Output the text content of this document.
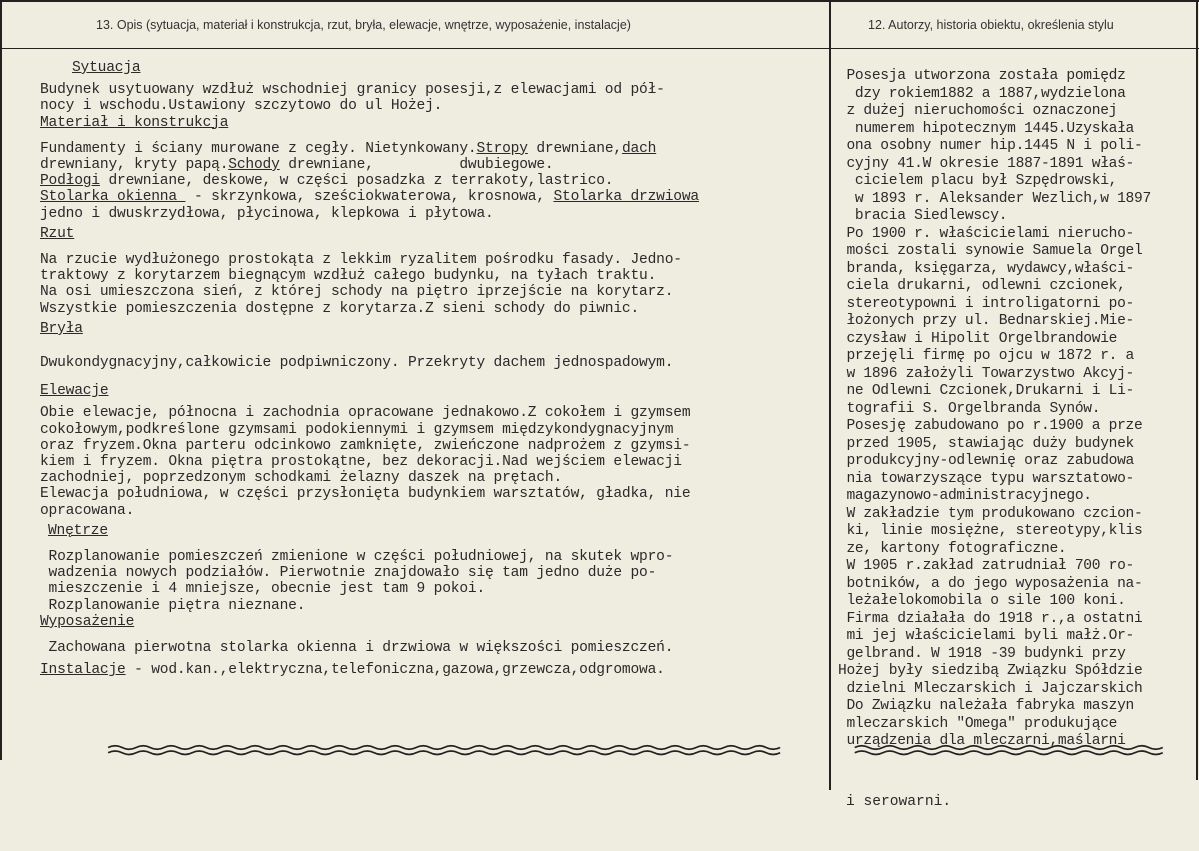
13. Opis (sytuacja, materiał i konstrukcja, rzut, bryła, elewacje, wnętrze, wyposażenie, instalacje)	12. Autorzy, historia obiektu, określenia stylu
Sytuacja

Budynek usytuowany wzdłuż wschodniej granicy posesji,z elewacjami od pół-

nocy i wschodu.Ustawiony szczytowo do ul Hożej.

Materiał i konstrukcja

Fundamenty i ściany murowane z cegły. Nietynkowany.Stropy drewniane,dach

drewniany, kryty papą.Schody drewniane,          dwubiegowe.

Podłogi drewniane, deskowe, w części posadzka z terrakoty,lastrico.

Stolarka okienna  - skrzynkowa, sześciokwaterowa, krosnowa, Stolarka drzwiowa

jedno i dwuskrzydłowa, płycinowa, klepkowa i płytowa.

Rzut

Na rzucie wydłużonego prostokąta z lekkim ryzalitem pośrodku fasady. Jedno-

traktowy z korytarzem biegnącym wzdłuż całego budynku, na tyłach traktu.

Na osi umieszczona sień, z której schody na piętro iprzejście na korytarz.

Wszystkie pomieszczenia dostępne z korytarza.Z sieni schody do piwnic.

Bryła

Dwukondygnacyjny,całkowicie podpiwniczony. Przekryty dachem jednospadowym.

Elewacje

Obie elewacje, północna i zachodnia opracowane jednakowo.Z cokołem i gzymsem

cokołowym,podkreślone gzymsami podokiennymi i gzymsem międzykondygnacyjnym

oraz fryzem.Okna parteru odcinkowo zamknięte, zwieńczone nadprożem z gzymsi-

kiem i fryzem. Okna piętra prostokątne, bez dekoracji.Nad wejściem elewacji

zachodniej, poprzedzonym schodkami żelazny daszek na prętach.

Elewacja południowa, w części przysłonięta budynkiem warsztatów, gładka, nie

opracowana.

Wnętrze

Rozplanowanie pomieszczeń zmienione w części południowej, na skutek wpro-

wadzenia nowych podziałów. Pierwotnie znajdowało się tam jedno duże po-

mieszczenie i 4 mniejsze, obecnie jest tam 9 pokoi.

Rozplanowanie piętra nieznane.

Wyposażenie

Zachowana pierwotna stolarka okienna i drzwiowa w większości pomieszczeń.

Instalacje - wod.kan.,elektryczna,telefoniczna,gazowa,grzewcza,odgromowa.

Posesja utworzona została pomiędz

dzy rokiem1882 a 1887,wydzielona

z dużej nieruchomości oznaczonej

numerem hipotecznym 1445.Uzyskała

ona osobny numer hip.1445 N i poli-

cyjny 41.W okresie 1887-1891 właś-

cicielem placu był Szpędrowski,

w 1893 r. Aleksander Wezlich,w 1897

bracia Siedlewscy.

Po 1900 r. właścicielami nierucho-

mości zostali synowie Samuela Orgel

branda, księgarza, wydawcy,właści-

ciela drukarni, odlewni czcionek,

stereotypowni i introligatorni po-

łożonych przy ul. Bednarskiej.Mie-

czysław i Hipolit Orgelbrandowie

przejęli firmę po ojcu w 1872 r. a

w 1896 założyli Towarzystwo Akcyj-

ne Odlewni Czcionek,Drukarni i Li-

tografii S. Orgelbranda Synów.

Posesję zabudowano po r.1900 a prze

przed 1905, stawiając duży budynek

produkcyjny-odlewnię oraz zabudowa

nia towarzyszące typu warsztatowo-

magazynowo-administracyjnego.

W zakładzie tym produkowano czcion-

ki, linie mosiężne, stereotypy,klis

ze, kartony fotograficzne.

W 1905 r.zakład zatrudniał 700 ro-

botników, a do jego wyposażenia na-

leżałelokomobila o sile 100 koni.

Firma działała do 1918 r.,a ostatni

mi jej właścicielami byli małż.Or-

gelbrand. W 1918 -39 budynki przy

Hożej były siedzibą Związku Spółdzie

dzielni Mleczarskich i Jajczarskich

Do Związku należała fabryka maszyn

mleczarskich "Omega" produkujące

urządzenia dla mleczarni,maślarni

i serowarni.
